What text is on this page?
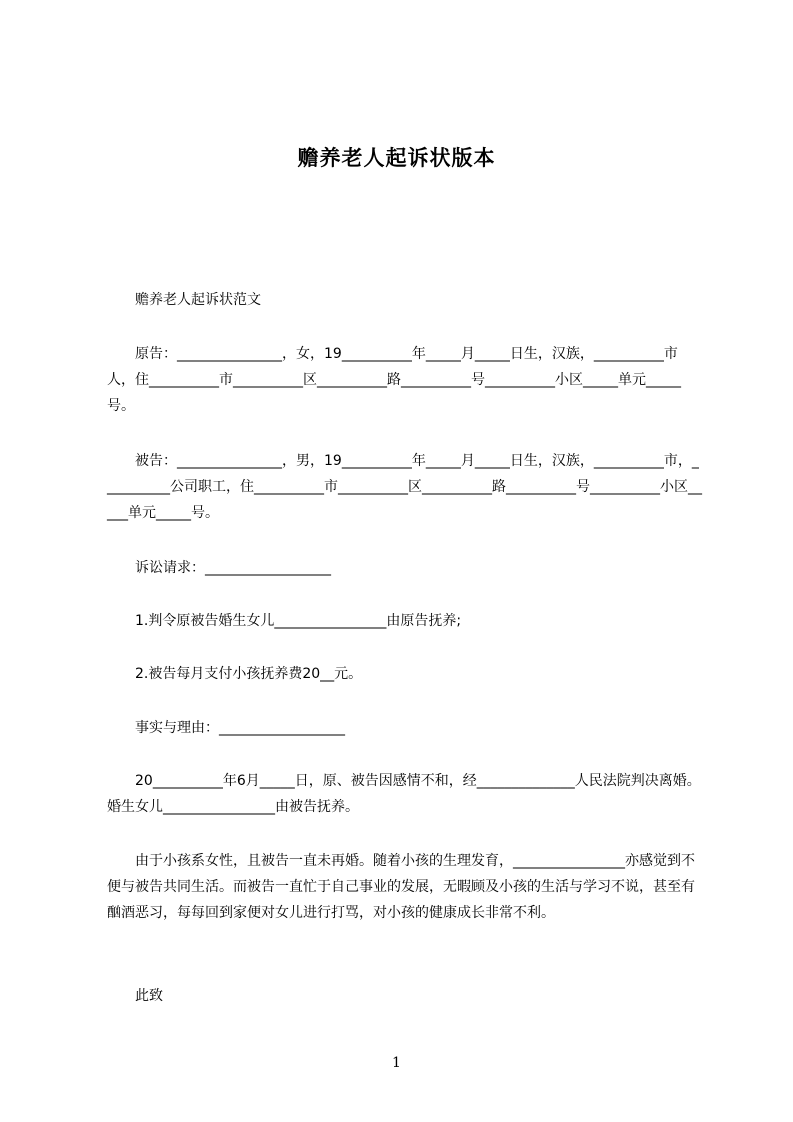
赡养老人起诉状版本
　　赡养老人起诉状范文
　　原告：_______________，女，19__________年_____月_____日生，汉族，__________市人，住__________市__________区__________路__________号__________小区_____单元_____号。
　　被告：_______________，男，19__________年_____月_____日生，汉族，__________市，__________公司职工，住__________市__________区__________路__________号__________小区_____单元_____号。
　　诉讼请求：__________________
　　1.判令原被告婚生女儿________________由原告抚养;
　　2.被告每月支付小孩抚养费20__元。
　　事实与理由：__________________
　　20__________年6月_____日，原、被告因感情不和，经______________人民法院判决离婚。婚生女儿________________由被告抚养。
　　由于小孩系女性，且被告一直未再婚。随着小孩的生理发育，________________亦感觉到不便与被告共同生活。而被告一直忙于自己事业的发展，无暇顾及小孩的生活与学习不说，甚至有酗酒恶习，每每回到家便对女儿进行打骂，对小孩的健康成长非常不利。
　　此致
1
